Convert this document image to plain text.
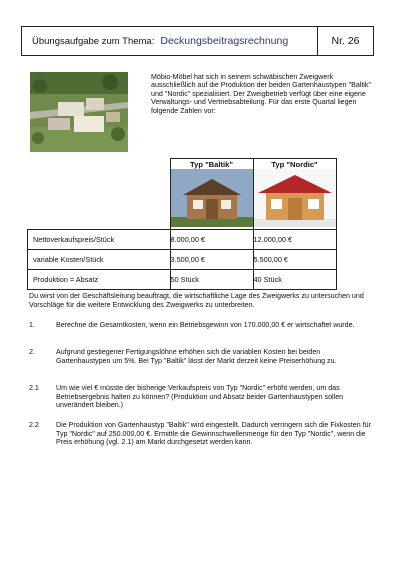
Übungsaufgabe zum Thema: Deckungsbeitragsrechnung	Nr. 26
Möbio-Möbel hat sich in seinem schwäbischen Zweigwerk ausschließlich auf die Produktion der beiden Gartenhaustypen "Baltik" und "Nordic" spezialisiert. Der Zweigbetrieb verfügt über eine eigene Verwaltungs- und Vertriebsabteilung. Für das erste Quartal liegen folgende Zahlen vor:
	Typ "Baltik"	Typ "Nordic"

Nettoverkaufspreis/Stück	8.000,00 €	12.000,00 €
variable Kosten/Stück	3.500,00 €	5.500,00 €
Produktion = Absatz	50 Stück	40 Stück
Du wirst von der Geschäftsleitung beauftragt, die wirtschaftliche Lage des Zweigwerks zu untersuchen und Vorschläge für die weitere Entwicklung des Zweigwerks zu unterbreiten.
1.	Berechne die Gesamtkosten, wenn ein Betriebsgewinn von 170.000,00 € er wirtschaftet wurde.
2.	Aufgrund gestiegener Fertigungslöhne erhöhen sich die variablen Kosten bei beiden Gartenhaustypen um 5%. Bei Typ "Baltik" lässt der Markt derzeit keine Preiserhöhung zu.
2.1	Um wie viel € müsste der bisherige Verkaufspreis von Typ "Nordic" erhöht werden, um das Betriebsergebnis halten zu können? (Produktion und Absatz beider Gartenhaustypen sollen unverändert bleiben.)
2.2	Die Produktion von Gartenhaustyp "Baltik" wird eingestellt. Dadurch verringern sich die Fixkosten für Typ "Nordic" auf 250.000,00 €. Ermittle die Gewinnschwellenmenge für den Typ "Nordic", wenn die Preis erhöhung (vgl. 2.1) am Markt durchgesetzt werden kann.
